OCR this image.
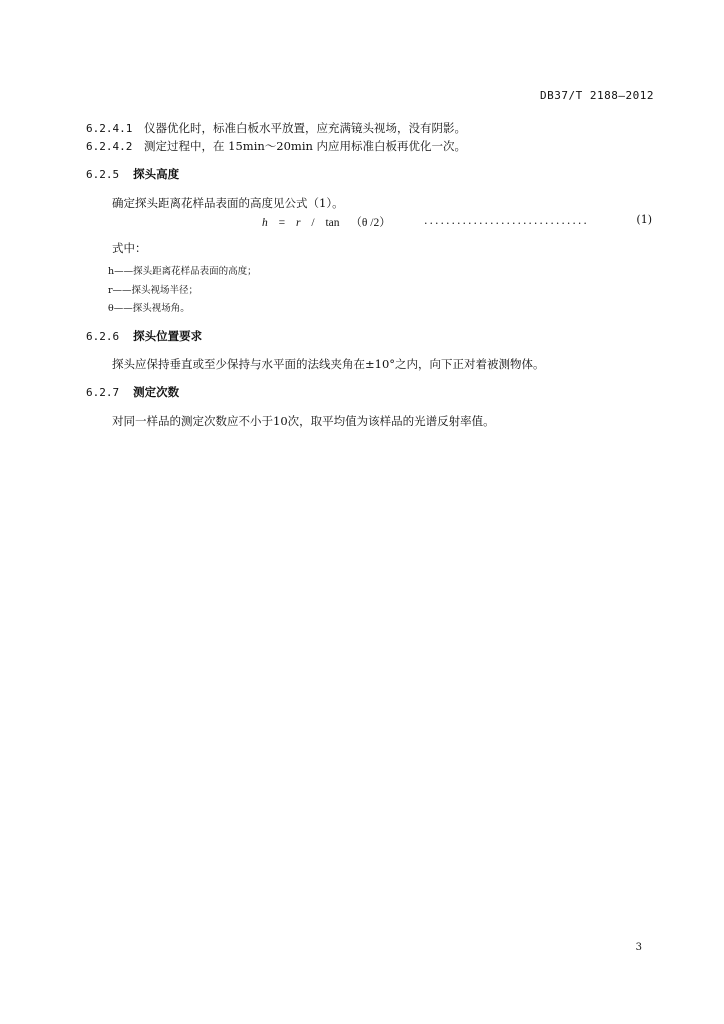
DB37/T 2188—2012
6.2.4.1 仪器优化时，标准白板水平放置，应充满镜头视场，没有阴影。
6.2.4.2 测定过程中，在 15min～20min 内应用标准白板再优化一次。
6.2.5 探头高度
确定探头距离花样品表面的高度见公式（1）。
h = r / tan （θ /2）	..............................	(1)
式中：
h——探头距离花样品表面的高度；
r——探头视场半径；
θ——探头视场角。
6.2.6 探头位置要求
探头应保持垂直或至少保持与水平面的法线夹角在±10°之内，向下正对着被测物体。
6.2.7 测定次数
对同一样品的测定次数应不小于10次，取平均值为该样品的光谱反射率值。
3
